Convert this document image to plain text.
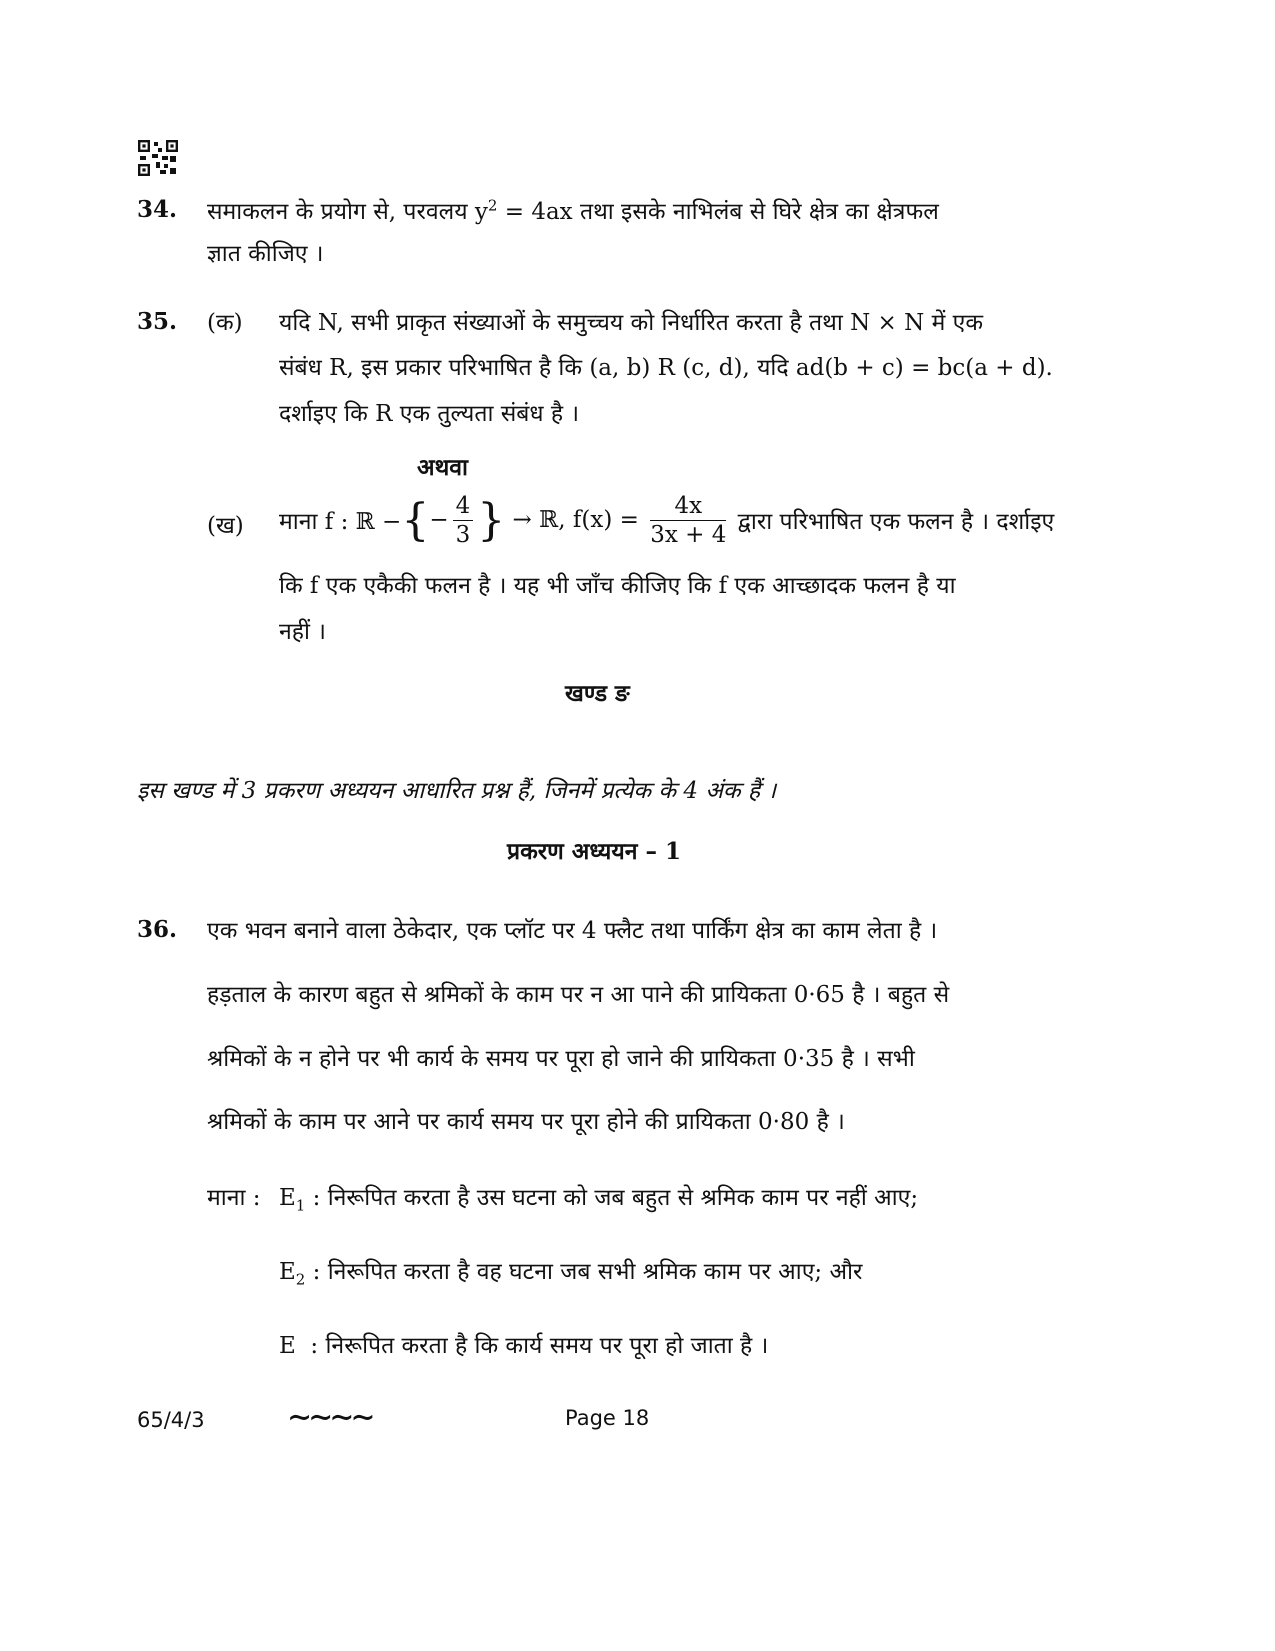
34. समाकलन के प्रयोग से, परवलय $y^2 = 4ax$ तथा इसके नाभिलंब से घिरे क्षेत्र का क्षेत्रफल
ज्ञात कीजिए ।
35. (क) यदि N, सभी प्राकृत संख्याओं के समुच्चय को निर्धारित करता है तथा N × N में एक
संबंध R, इस प्रकार परिभाषित है कि (a, b) R (c, d), यदि ad(b + c) = bc(a + d).
दर्शाइए कि R एक तुल्यता संबंध है ।
अथवा
(ख) माना f : ℝ − { − $\frac{4}{3}$ } → ℝ, $f(x) = \frac{4x}{3x + 4}$ द्वारा परिभाषित एक फलन है । दर्शाइए
कि f एक एकैकी फलन है । यह भी जाँच कीजिए कि f एक आच्छादक फलन है या
नहीं ।
खण्ड ङ
इस खण्ड में 3 प्रकरण अध्ययन आधारित प्रश्न हैं, जिनमें प्रत्येक के 4 अंक हैं ।
प्रकरण अध्ययन – 1
36. एक भवन बनाने वाला ठेकेदार, एक प्लॉट पर 4 फ्लैट तथा पार्किंग क्षेत्र का काम लेता है ।
हड़ताल के कारण बहुत से श्रमिकों के काम पर न आ पाने की प्रायिकता 0·65 है । बहुत से
श्रमिकों के न होने पर भी कार्य के समय पर पूरा हो जाने की प्रायिकता 0·35 है । सभी
श्रमिकों के काम पर आने पर कार्य समय पर पूरा होने की प्रायिकता 0·80 है ।
माना : $E_1$ : निरूपित करता है उस घटना को जब बहुत से श्रमिक काम पर नहीं आए;
$E_2$ : निरूपित करता है वह घटना जब सभी श्रमिक काम पर आए; और
E  : निरूपित करता है कि कार्य समय पर पूरा हो जाता है ।
65/4/3	∼∼∼∼	Page 18
